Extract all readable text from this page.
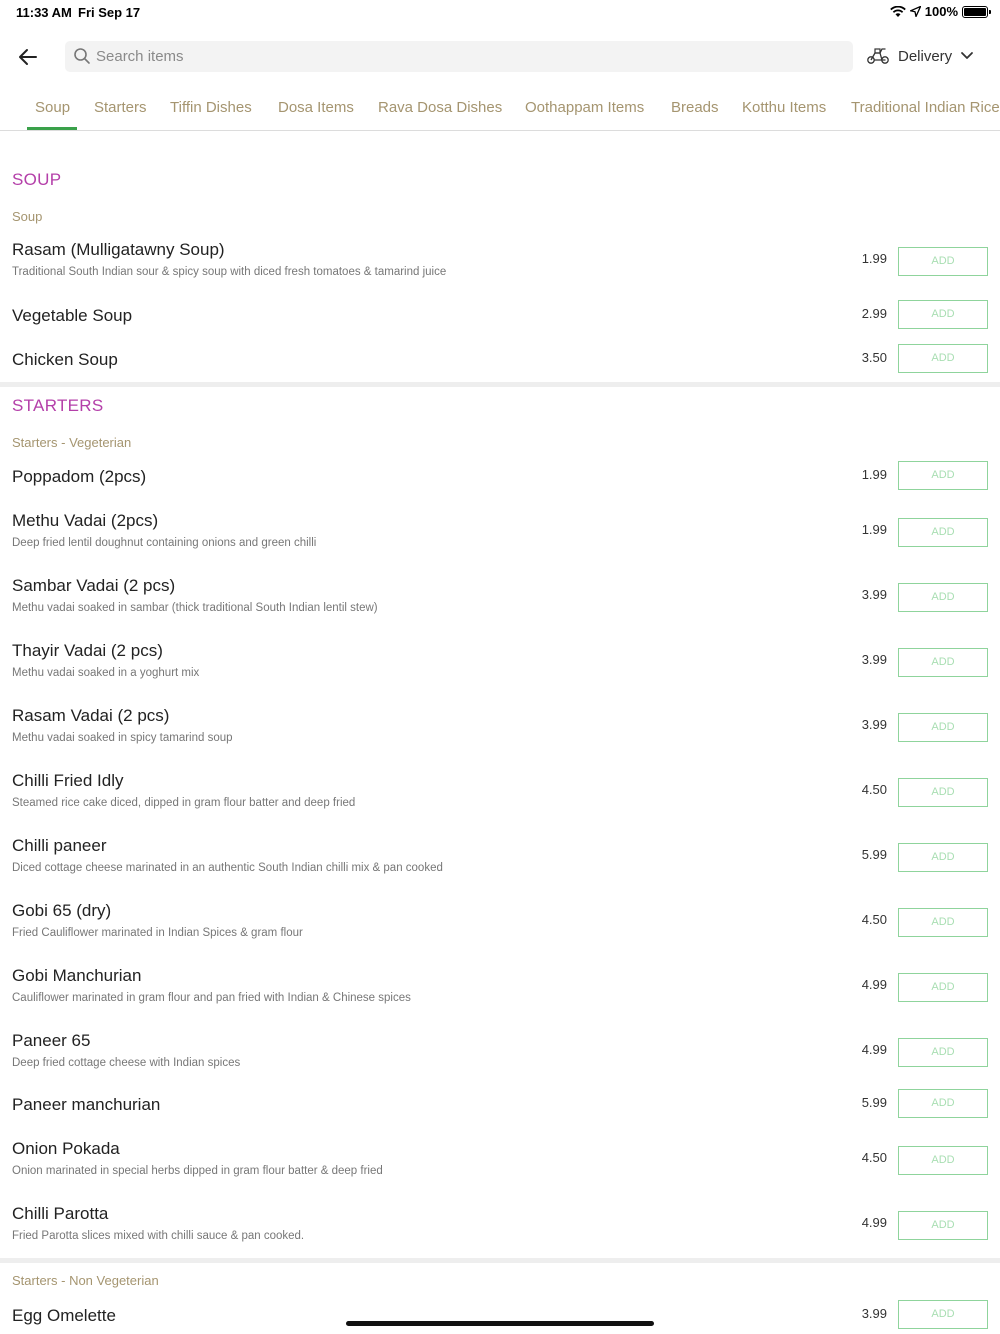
11:33 AM Fri Sep 17	100%
Search items
Delivery
Soup Starters Tiffin Dishes Dosa Items Rava Dosa Dishes Oothappam Items Breads Kotthu Items Traditional Indian Rice
SOUP
Soup
Rasam (Mulligatawny Soup)
Traditional South Indian sour & spicy soup with diced fresh tomatoes & tamarind juice
1.99	ADD
Vegetable Soup	2.99	ADD
Chicken Soup	3.50	ADD
STARTERS
Starters - Vegeterian
Poppadom (2pcs)	1.99	ADD
Methu Vadai (2pcs)
Deep fried lentil doughnut containing onions and green chilli
1.99	ADD
Sambar Vadai (2 pcs)
Methu vadai soaked in sambar (thick traditional South Indian lentil stew)
3.99	ADD
Thayir Vadai (2 pcs)
Methu vadai soaked in a yoghurt mix
3.99	ADD
Rasam Vadai (2 pcs)
Methu vadai soaked in spicy tamarind soup
3.99	ADD
Chilli Fried Idly
Steamed rice cake diced, dipped in gram flour batter and deep fried
4.50	ADD
Chilli paneer
Diced cottage cheese marinated in an authentic South Indian chilli mix & pan cooked
5.99	ADD
Gobi 65 (dry)
Fried Cauliflower marinated in Indian Spices & gram flour
4.50	ADD
Gobi Manchurian
Cauliflower marinated in gram flour and pan fried with Indian & Chinese spices
4.99	ADD
Paneer 65
Deep fried cottage cheese with Indian spices
4.99	ADD
Paneer manchurian	5.99	ADD
Onion Pokada
Onion marinated in special herbs dipped in gram flour batter & deep fried
4.50	ADD
Chilli Parotta
Fried Parotta slices mixed with chilli sauce & pan cooked.
4.99	ADD
Starters - Non Vegeterian
Egg Omelette	3.99	ADD
